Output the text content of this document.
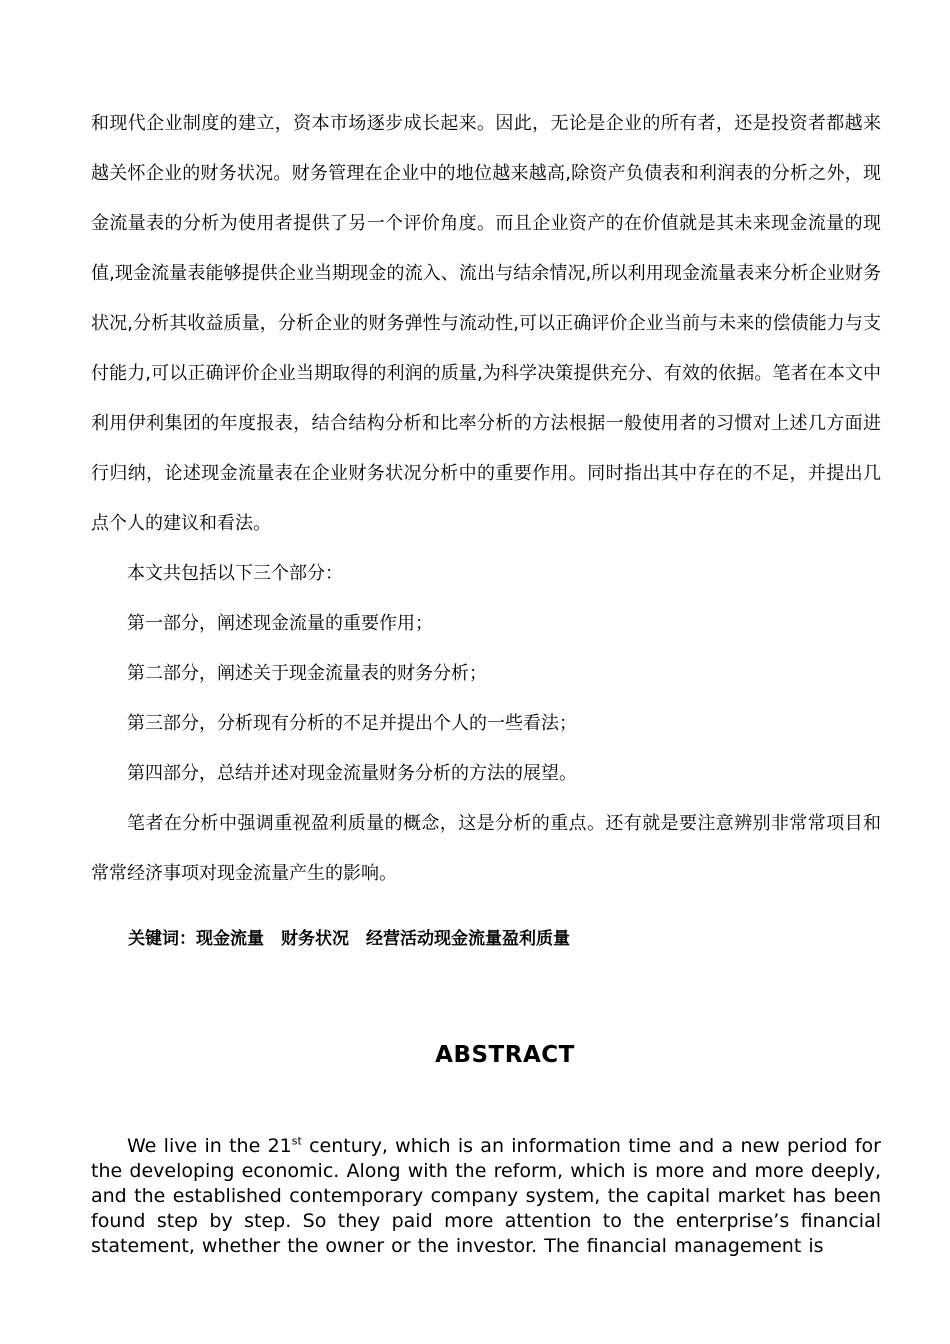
和现代企业制度的建立，资本市场逐步成长起来。因此，无论是企业的所有者，还是投资者都越来越关怀企业的财务状况。财务管理在企业中的地位越来越高,除资产负债表和利润表的分析之外，现金流量表的分析为使用者提供了另一个评价角度。而且企业资产的在价值就是其未来现金流量的现值,现金流量表能够提供企业当期现金的流入、流出与结余情况,所以利用现金流量表来分析企业财务状况,分析其收益质量，分析企业的财务弹性与流动性,可以正确评价企业当前与未来的偿债能力与支付能力,可以正确评价企业当期取得的利润的质量,为科学决策提供充分、有效的依据。笔者在本文中利用伊利集团的年度报表，结合结构分析和比率分析的方法根据一般使用者的习惯对上述几方面进行归纳，论述现金流量表在企业财务状况分析中的重要作用。同时指出其中存在的不足，并提出几点个人的建议和看法。

本文共包括以下三个部分：

第一部分，阐述现金流量的重要作用；

第二部分，阐述关于现金流量表的财务分析；

第三部分，分析现有分析的不足并提出个人的一些看法；

第四部分，总结并述对现金流量财务分析的方法的展望。

笔者在分析中强调重视盈利质量的概念，这是分析的重点。还有就是要注意辨别非常常项目和常常经济事项对现金流量产生的影响。

关键词：现金流量　财务状况　经营活动现金流量盈利质量
ABSTRACT

We live in the 21st century, which is an information time and a new period for the developing economic. Along with the reform, which is more and more deeply, and the established contemporary company system, the capital market has been found step by step. So they paid more attention to the enterprise’s financial statement, whether the owner or the investor. The financial management is
